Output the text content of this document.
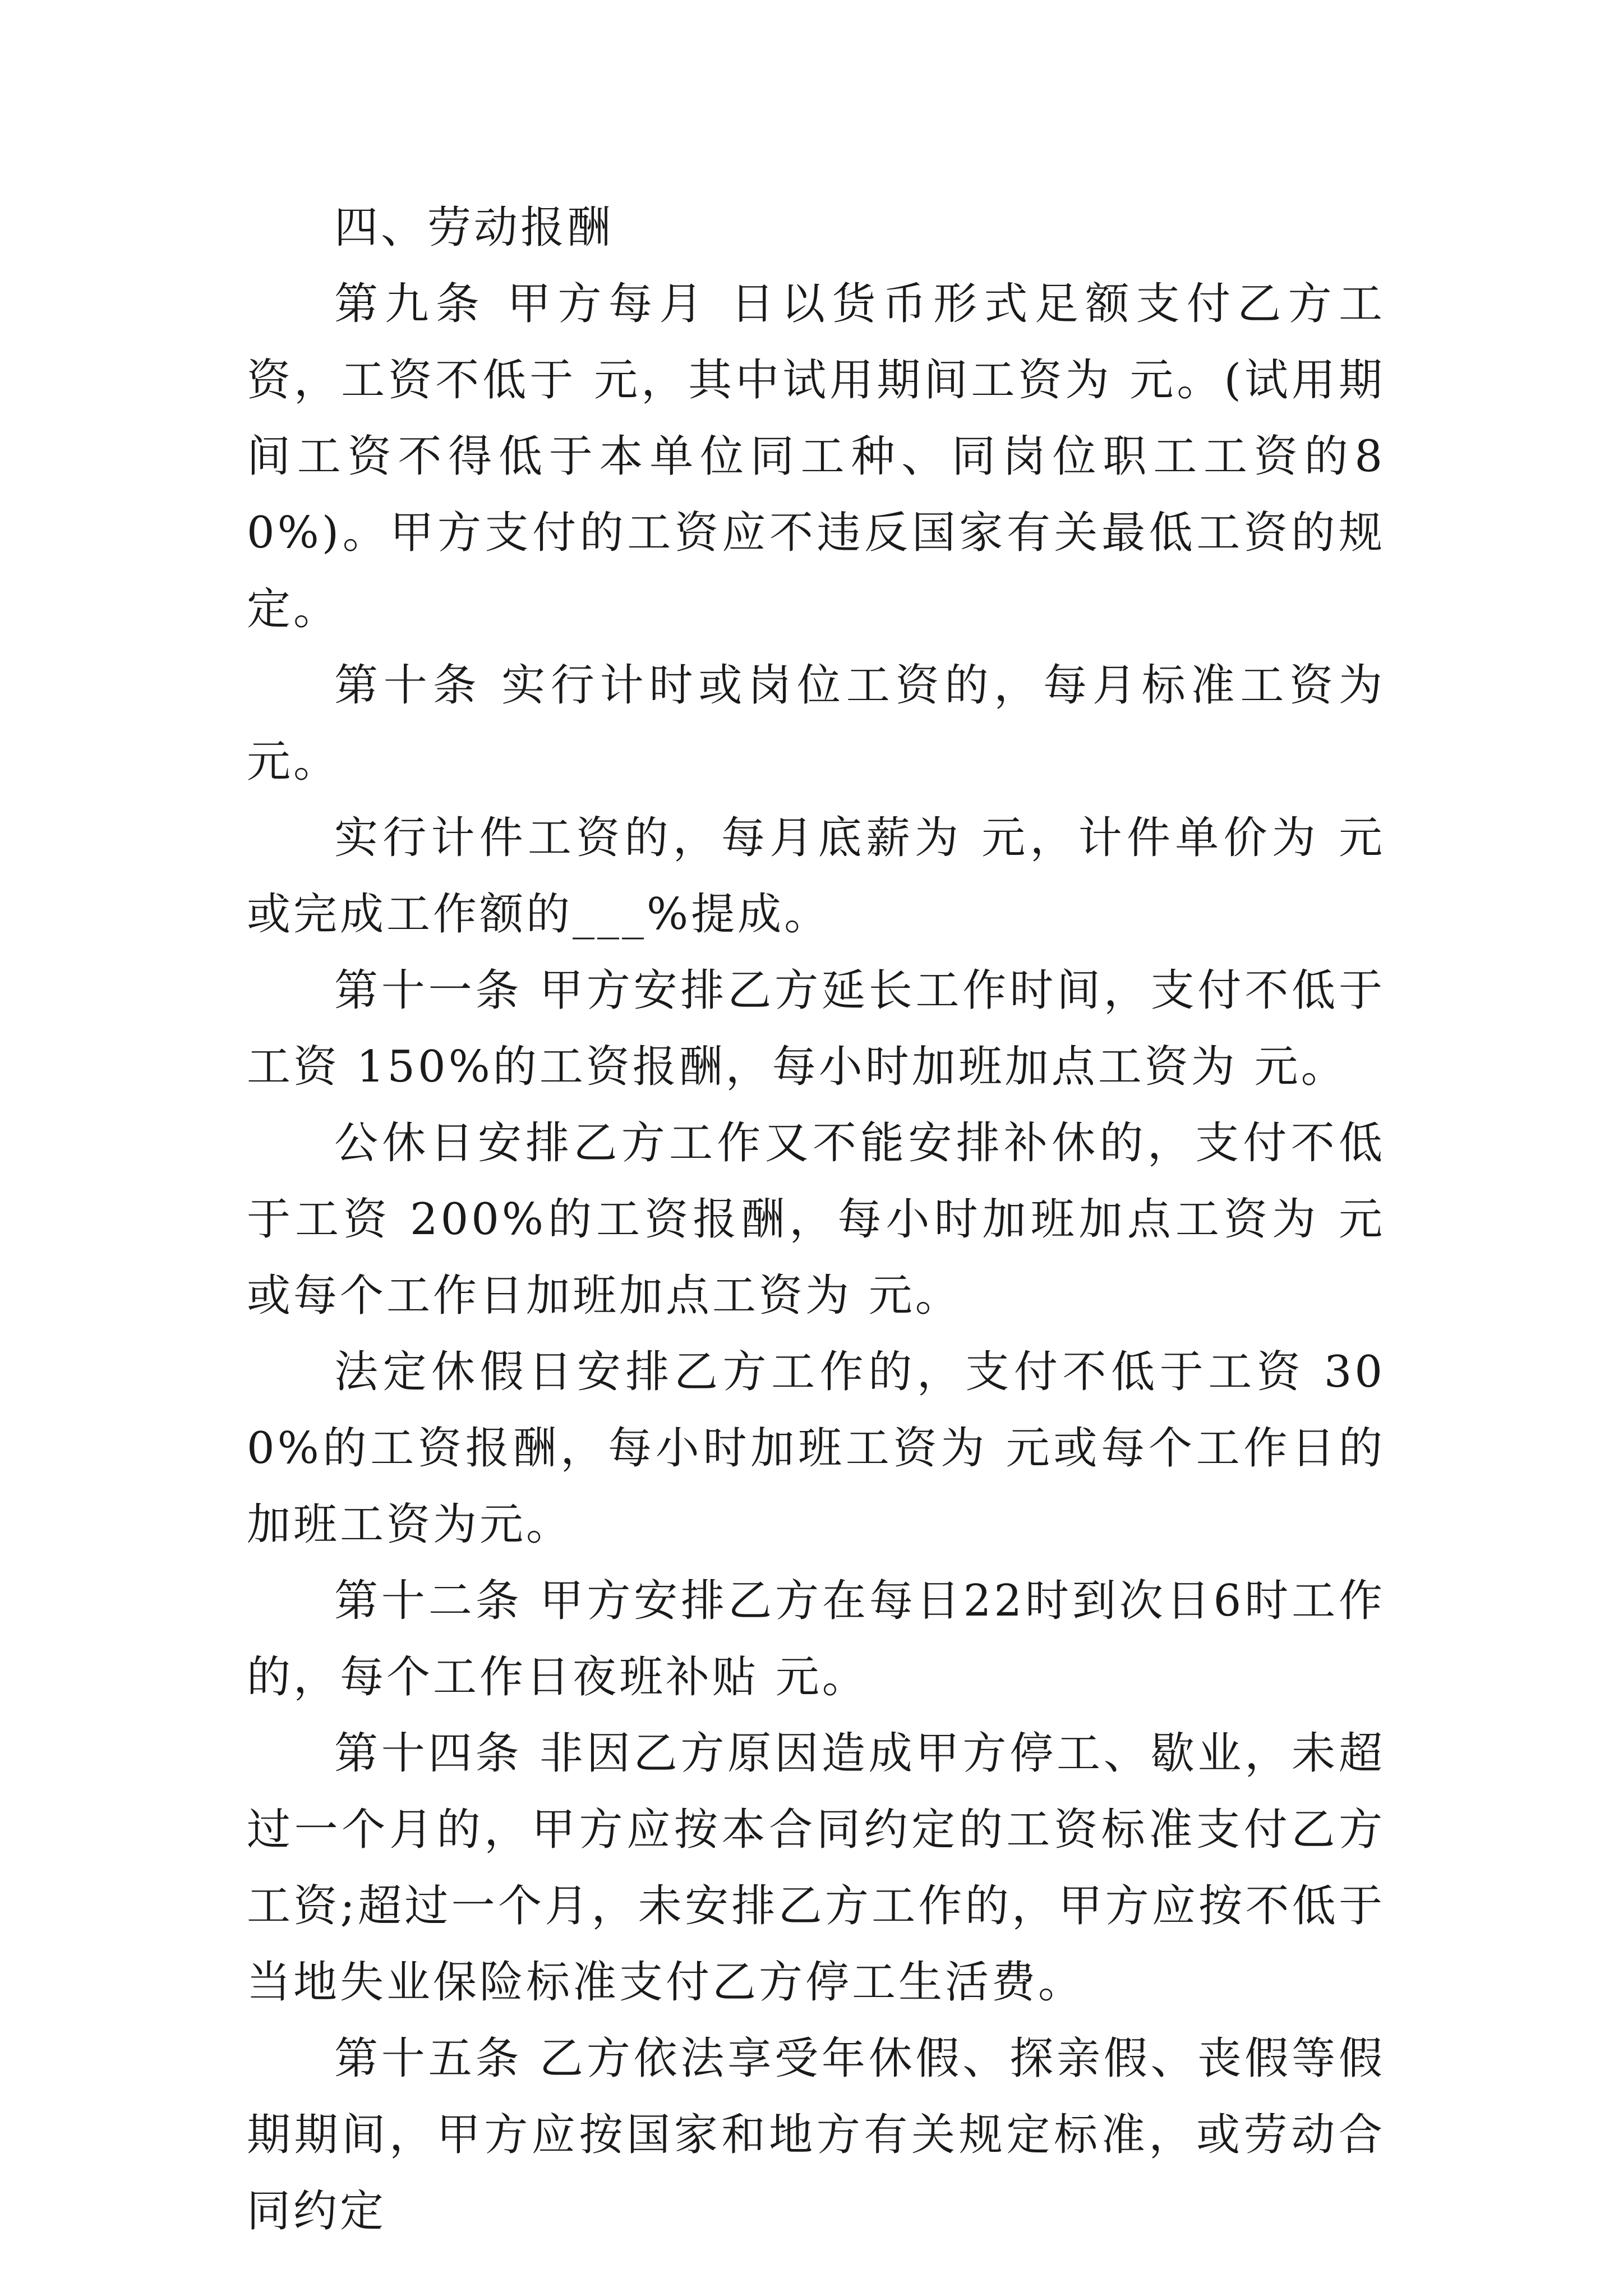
四、劳动报酬

第九条 甲方每月 日以货币形式足额支付乙方工资，工资不低于 元，其中试用期间工资为 元。(试用期间工资不得低于本单位同工种、同岗位职工工资的80%)。甲方支付的工资应不违反国家有关最低工资的规定。

第十条 实行计时或岗位工资的，每月标准工资为 元。

实行计件工资的，每月底薪为 元，计件单价为 元或完成工作额的___%提成。

第十一条 甲方安排乙方延长工作时间，支付不低于工资 150%的工资报酬，每小时加班加点工资为 元。

公休日安排乙方工作又不能安排补休的，支付不低于工资 200%的工资报酬，每小时加班加点工资为 元或每个工作日加班加点工资为 元。

法定休假日安排乙方工作的，支付不低于工资 300%的工资报酬，每小时加班工资为 元或每个工作日的加班工资为元。

第十二条 甲方安排乙方在每日22时到次日6时工作的，每个工作日夜班补贴 元。

第十四条 非因乙方原因造成甲方停工、歇业，未超过一个月的，甲方应按本合同约定的工资标准支付乙方工资;超过一个月，未安排乙方工作的，甲方应按不低于当地失业保险标准支付乙方停工生活费。

第十五条 乙方依法享受年休假、探亲假、丧假等假期期间，甲方应按国家和地方有关规定标准，或劳动合同约定
